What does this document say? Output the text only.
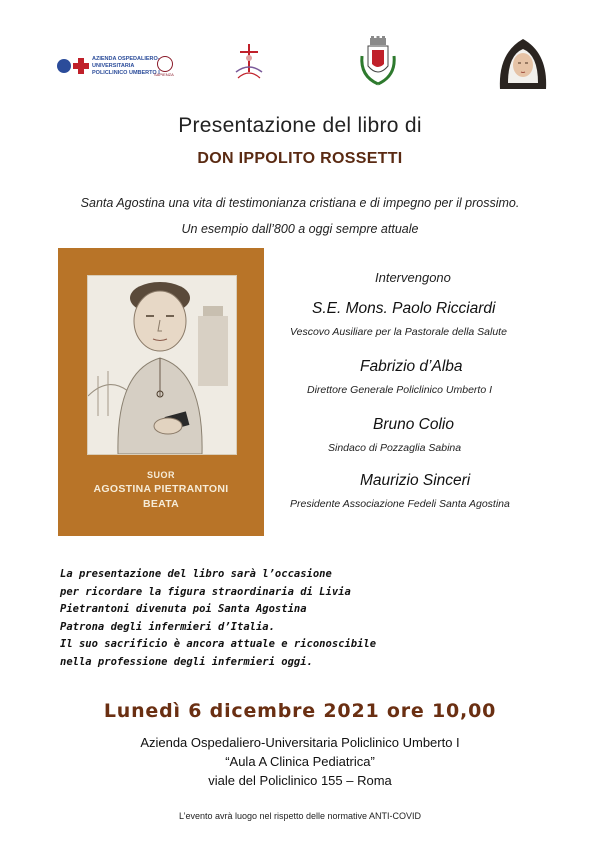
AZIENDA OSPEDALIERO-UNIVERSITARIA POLICLINICO UMBERTO I
SAPIENZA
Presentazione del libro di
DON IPPOLITO ROSSETTI
Santa Agostina una vita di testimonianza cristiana e di impegno per il prossimo.
Un esempio dall’800 a oggi sempre attuale
SUOR
AGOSTINA PIETRANTONI
BEATA
Intervengono
S.E. Mons. Paolo Ricciardi
Vescovo Ausiliare per la Pastorale della Salute
Fabrizio d’Alba
Direttore Generale Policlinico Umberto I
Bruno Colio
Sindaco di Pozzaglia Sabina
Maurizio Sinceri
Presidente Associazione Fedeli Santa Agostina
La presentazione del libro sarà l’occasione
per ricordare la figura straordinaria di Livia
Pietrantoni divenuta poi Santa Agostina
Patrona degli infermieri d’Italia.
Il suo sacrificio è ancora attuale e riconoscibile
nella professione degli infermieri oggi.
Lunedì 6 dicembre 2021 ore 10,00
Azienda Ospedaliero-Universitaria Policlinico Umberto I
“Aula A Clinica Pediatrica”
viale del Policlinico 155 – Roma
L’evento avrà luogo nel rispetto delle normative ANTI-COVID
